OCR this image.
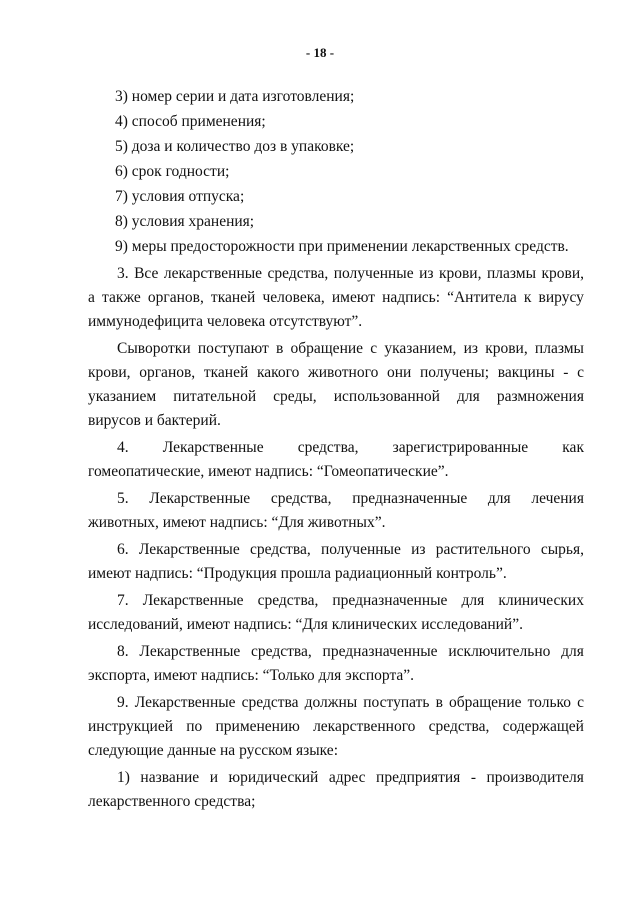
- 18 -
3) номер серии и дата изготовления;
4) способ применения;
5) доза и количество доз в упаковке;
6) срок годности;
7) условия отпуска;
8) условия хранения;
9) меры предосторожности при применении лекарственных средств.
3. Все лекарственные средства, полученные из крови, плазмы крови,
а также органов, тканей человека, имеют надпись: “Антитела к вирусу
иммунодефицита человека отсутствуют”.
Сыворотки поступают в обращение с указанием, из крови, плазмы
крови, органов, тканей какого животного они получены; вакцины - с
указанием питательной среды, использованной для размножения
вирусов и бактерий.
4. Лекарственные средства, зарегистрированные как
гомеопатические, имеют надпись: “Гомеопатические”.
5. Лекарственные средства, предназначенные для лечения
животных, имеют надпись: “Для животных”.
6. Лекарственные средства, полученные из растительного сырья,
имеют надпись: “Продукция прошла радиационный контроль”.
7. Лекарственные средства, предназначенные для клинических
исследований, имеют надпись: “Для клинических исследований”.
8. Лекарственные средства, предназначенные исключительно для
экспорта, имеют надпись: “Только для экспорта”.
9. Лекарственные средства должны поступать в обращение только с
инструкцией по применению лекарственного средства, содержащей
следующие данные на русском языке:
1) название и юридический адрес предприятия - производителя
лекарственного средства;
